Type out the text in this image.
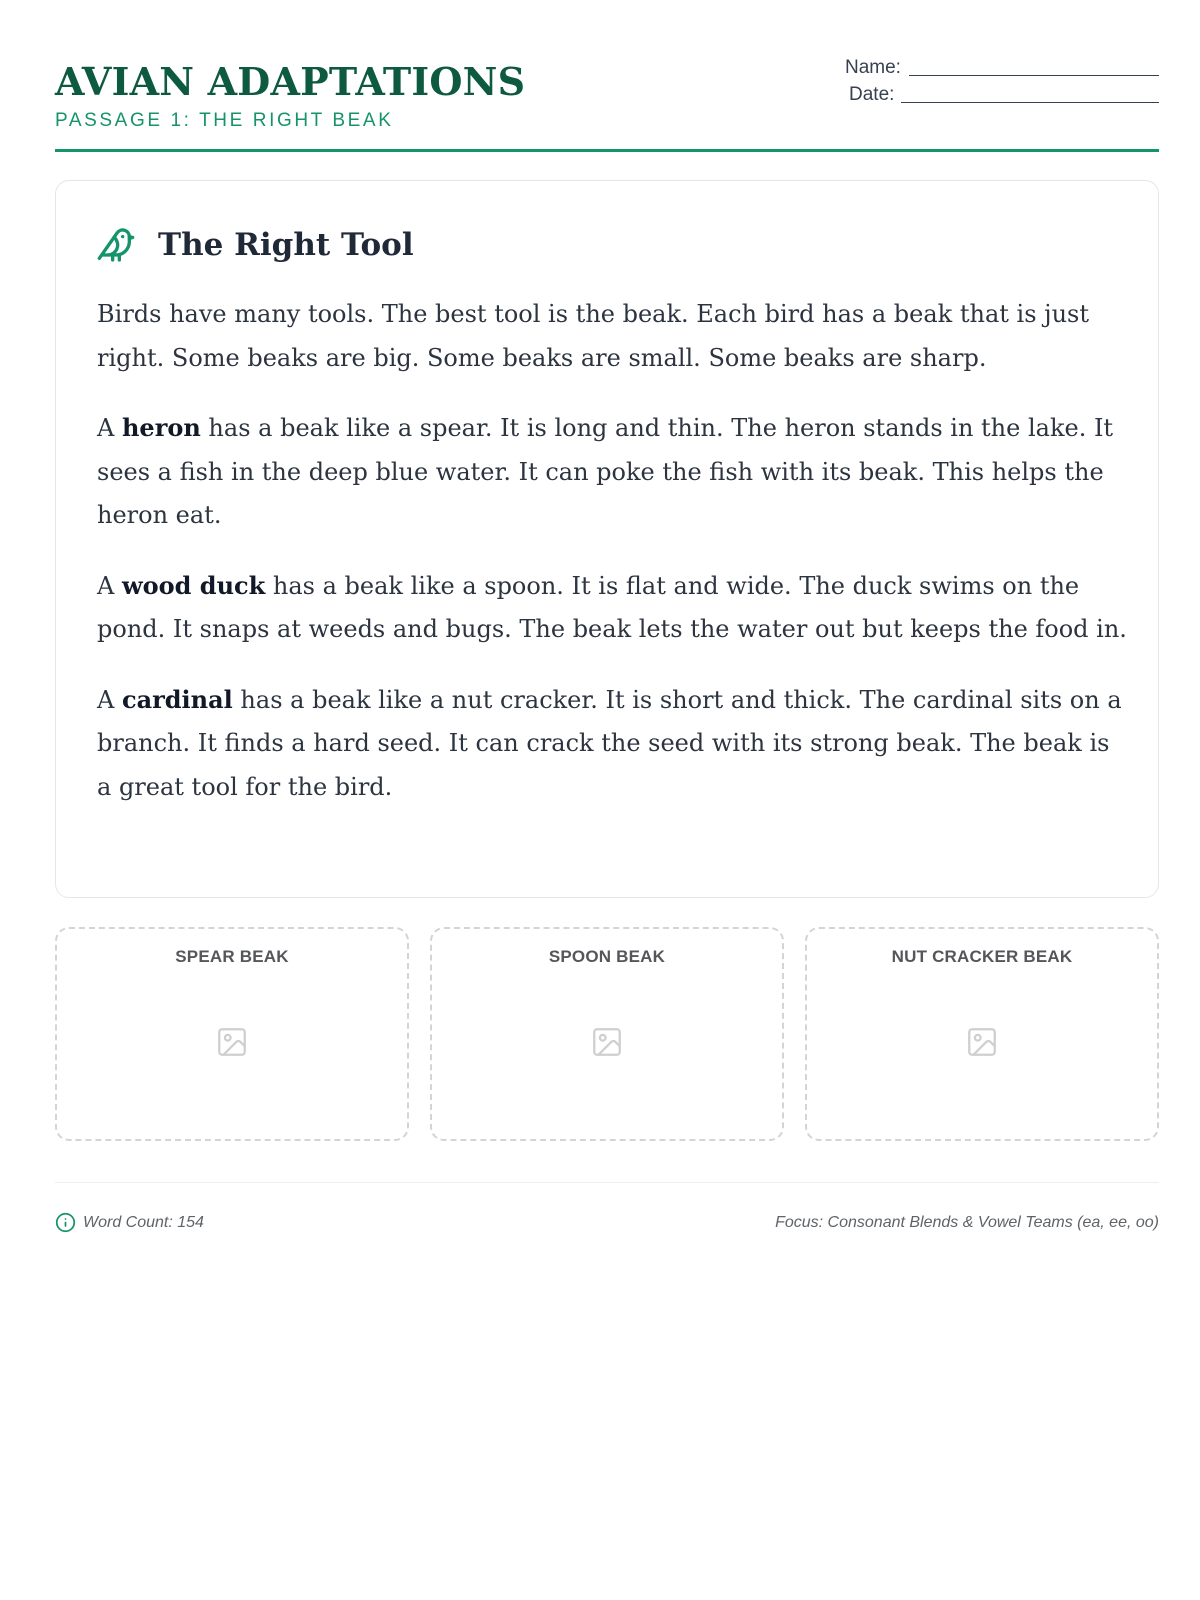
AVIAN ADAPTATIONS
PASSAGE 1: THE RIGHT BEAK
Name:
Date:
The Right Tool

Birds have many tools. The best tool is the beak. Each bird has a beak that is just right. Some beaks are big. Some beaks are small. Some beaks are sharp.

A heron has a beak like a spear. It is long and thin. The heron stands in the lake. It sees a fish in the deep blue water. It can poke the fish with its beak. This helps the heron eat.

A wood duck has a beak like a spoon. It is flat and wide. The duck swims on the pond. It snaps at weeds and bugs. The beak lets the water out but keeps the food in.

A cardinal has a beak like a nut cracker. It is short and thick. The cardinal sits on a branch. It finds a hard seed. It can crack the seed with its strong beak. The beak is a great tool for the bird.

SPEAR BEAK	SPOON BEAK	NUT CRACKER BEAK
Word Count: 154	Focus: Consonant Blends & Vowel Teams (ea, ee, oo)
